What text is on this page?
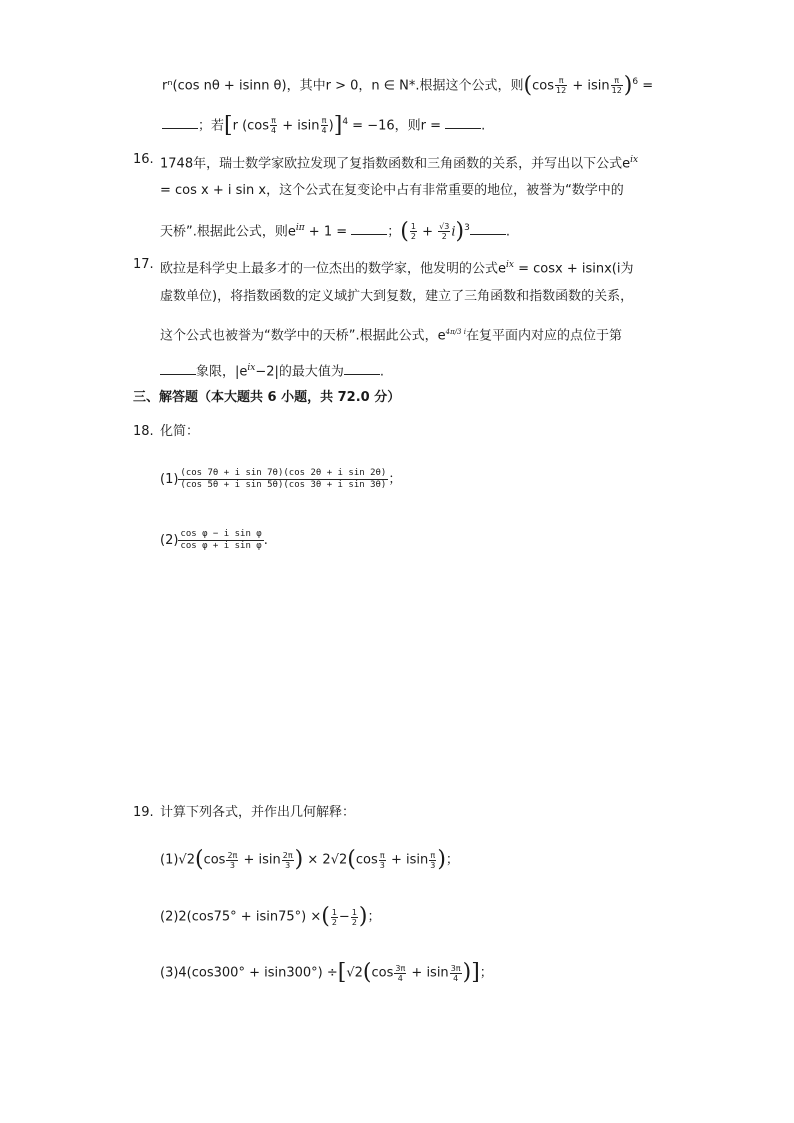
rⁿ(cos nθ + isinn θ)，其中r > 0，n ∈ N*.根据这个公式，则$(\cos \frac{\pi}{12} + isin \frac{\pi}{12} )^6$ =
；若[r $(\cos \frac{\pi}{4} + isin \frac{\pi}{4} )]^4 = -16$，则r =	.
16. 1748年，瑞士数学家欧拉发现了复指数函数和三角函数的关系，并写出以下公式$e^{ix}$
= cos x + i sin x，这个公式在复变论中占有非常重要的地位，被誉为“数学中的
天桥”.根据此公式，则$e^{i\pi} + 1$ =	；( $\frac{1}{2} + \frac{√3}{2} i)^3$	.
17. 欧拉是科学史上最多才的一位杰出的数学家，他发明的公式$e^{ix} = \cos x + isinx(i$为
虚数单位)，将指数函数的定义域扩大到复数，建立了三角函数和指数函数的关系，
这个公式也被誉为“数学中的天桥”.根据此公式，$e^{4\pi/3 i}$在复平面内对应的点位于第
象限，$|e^{ix}-2|$的最大值为	.
三、解答题（本大题共 6 小题，共 72.0 分）
18. 化简：
$(1) \frac{\text{(cos 7θ + i sin 7θ)(cos 2θ + i sin 2θ)}}{\text{(cos 5θ + i sin 5θ)(cos 3θ + i sin 3θ)}}$ ；
$(2) \frac{\text{cos φ − i sin φ}}{\text{cos φ + i sin φ}}$ .
19. 计算下列各式，并作出几何解释：
$(1)√2(\cos \frac{2\pi}{3} + isin \frac{2\pi}{3}$ ) × $2√2(\cos \frac{\pi}{3} + isin \frac{\pi}{3}$ )；
(2)2(cos75° + isin75°) ×( $\frac{1}{2} - \frac{1}{2}$ )；
$(3)4(\cos 300^\circ + isin300^\circ) \div[√2(\cos \frac{3\pi}{4} + isin \frac{3\pi}{4}$ )]；
